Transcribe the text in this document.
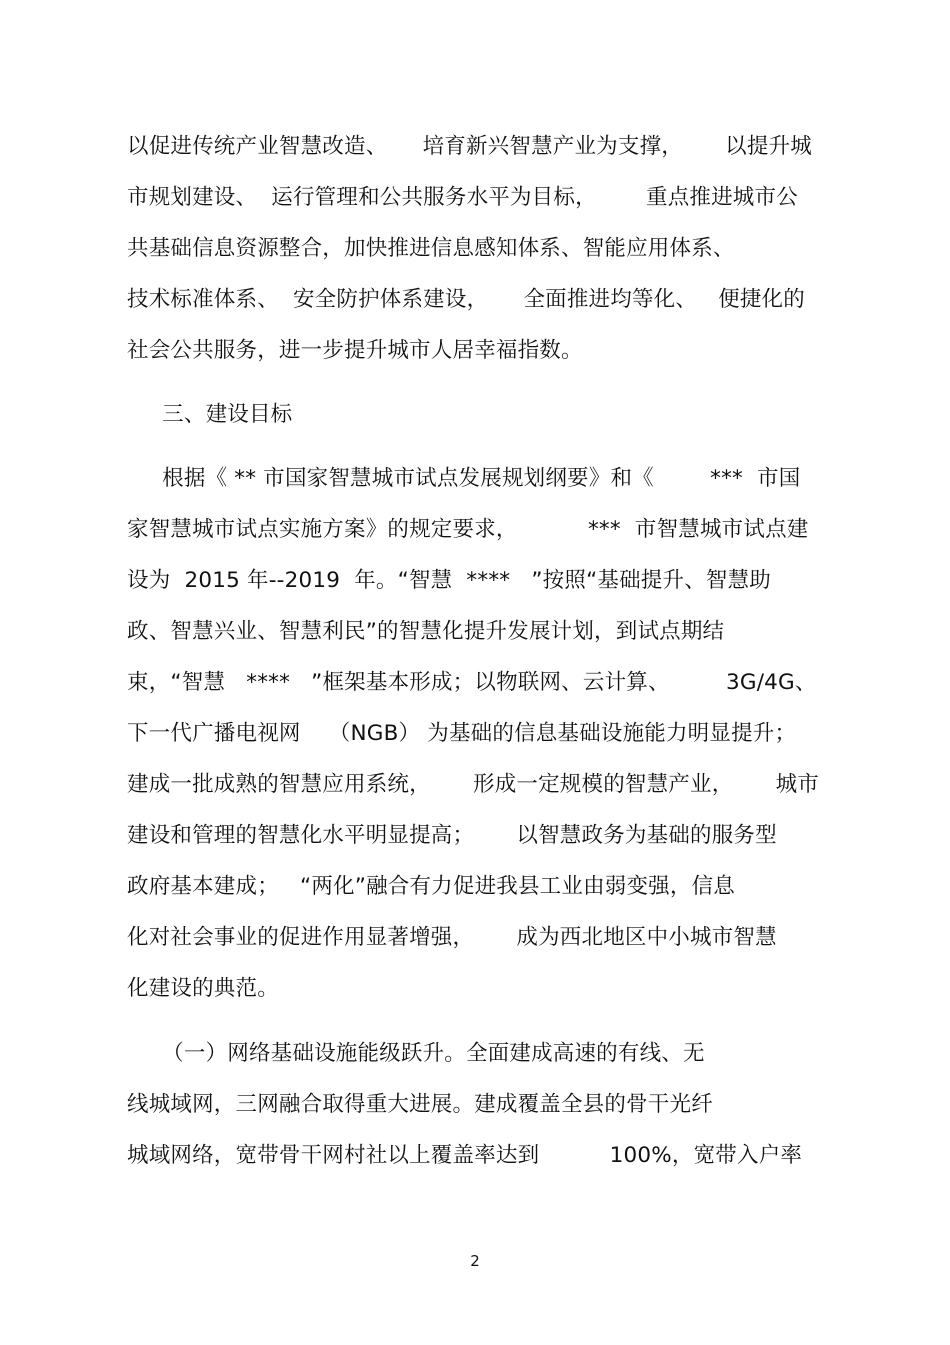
以促进传统产业智慧改造、     培育新兴智慧产业为支撑，      以提升城
市规划建设、  运行管理和公共服务水平为目标，       重点推进城市公
共基础信息资源整合，加快推进信息感知体系、智能应用体系、
技术标准体系、  安全防护体系建设，     全面推进均等化、   便捷化的
社会公共服务，进一步提升城市人居幸福指数。
三、建设目标
根据《 ** 市国家智慧城市试点发展规划纲要》和《        ***  市国
家智慧城市试点实施方案》的规定要求，          ***  市智慧城市试点建
设为  2015 年--2019  年。“智慧  ****   ”按照“基础提升、智慧助
政、智慧兴业、智慧利民”的智慧化提升发展计划，到试点期结
束，“智慧   ****   ”框架基本形成；以物联网、云计算、        3G/4G、
下一代广播电视网    （NGB） 为基础的信息基础设施能力明显提升；
建成一批成熟的智慧应用系统，      形成一定规模的智慧产业，      城市
建设和管理的智慧化水平明显提高；      以智慧政务为基础的服务型
政府基本建成；   “两化”融合有力促进我县工业由弱变强，信息
化对社会事业的促进作用显著增强，      成为西北地区中小城市智慧
化建设的典范。
（一）网络基础设施能级跃升。全面建成高速的有线、无
线城域网，三网融合取得重大进展。建成覆盖全县的骨干光纤
城域网络，宽带骨干网村社以上覆盖率达到          100%，宽带入户率
2
